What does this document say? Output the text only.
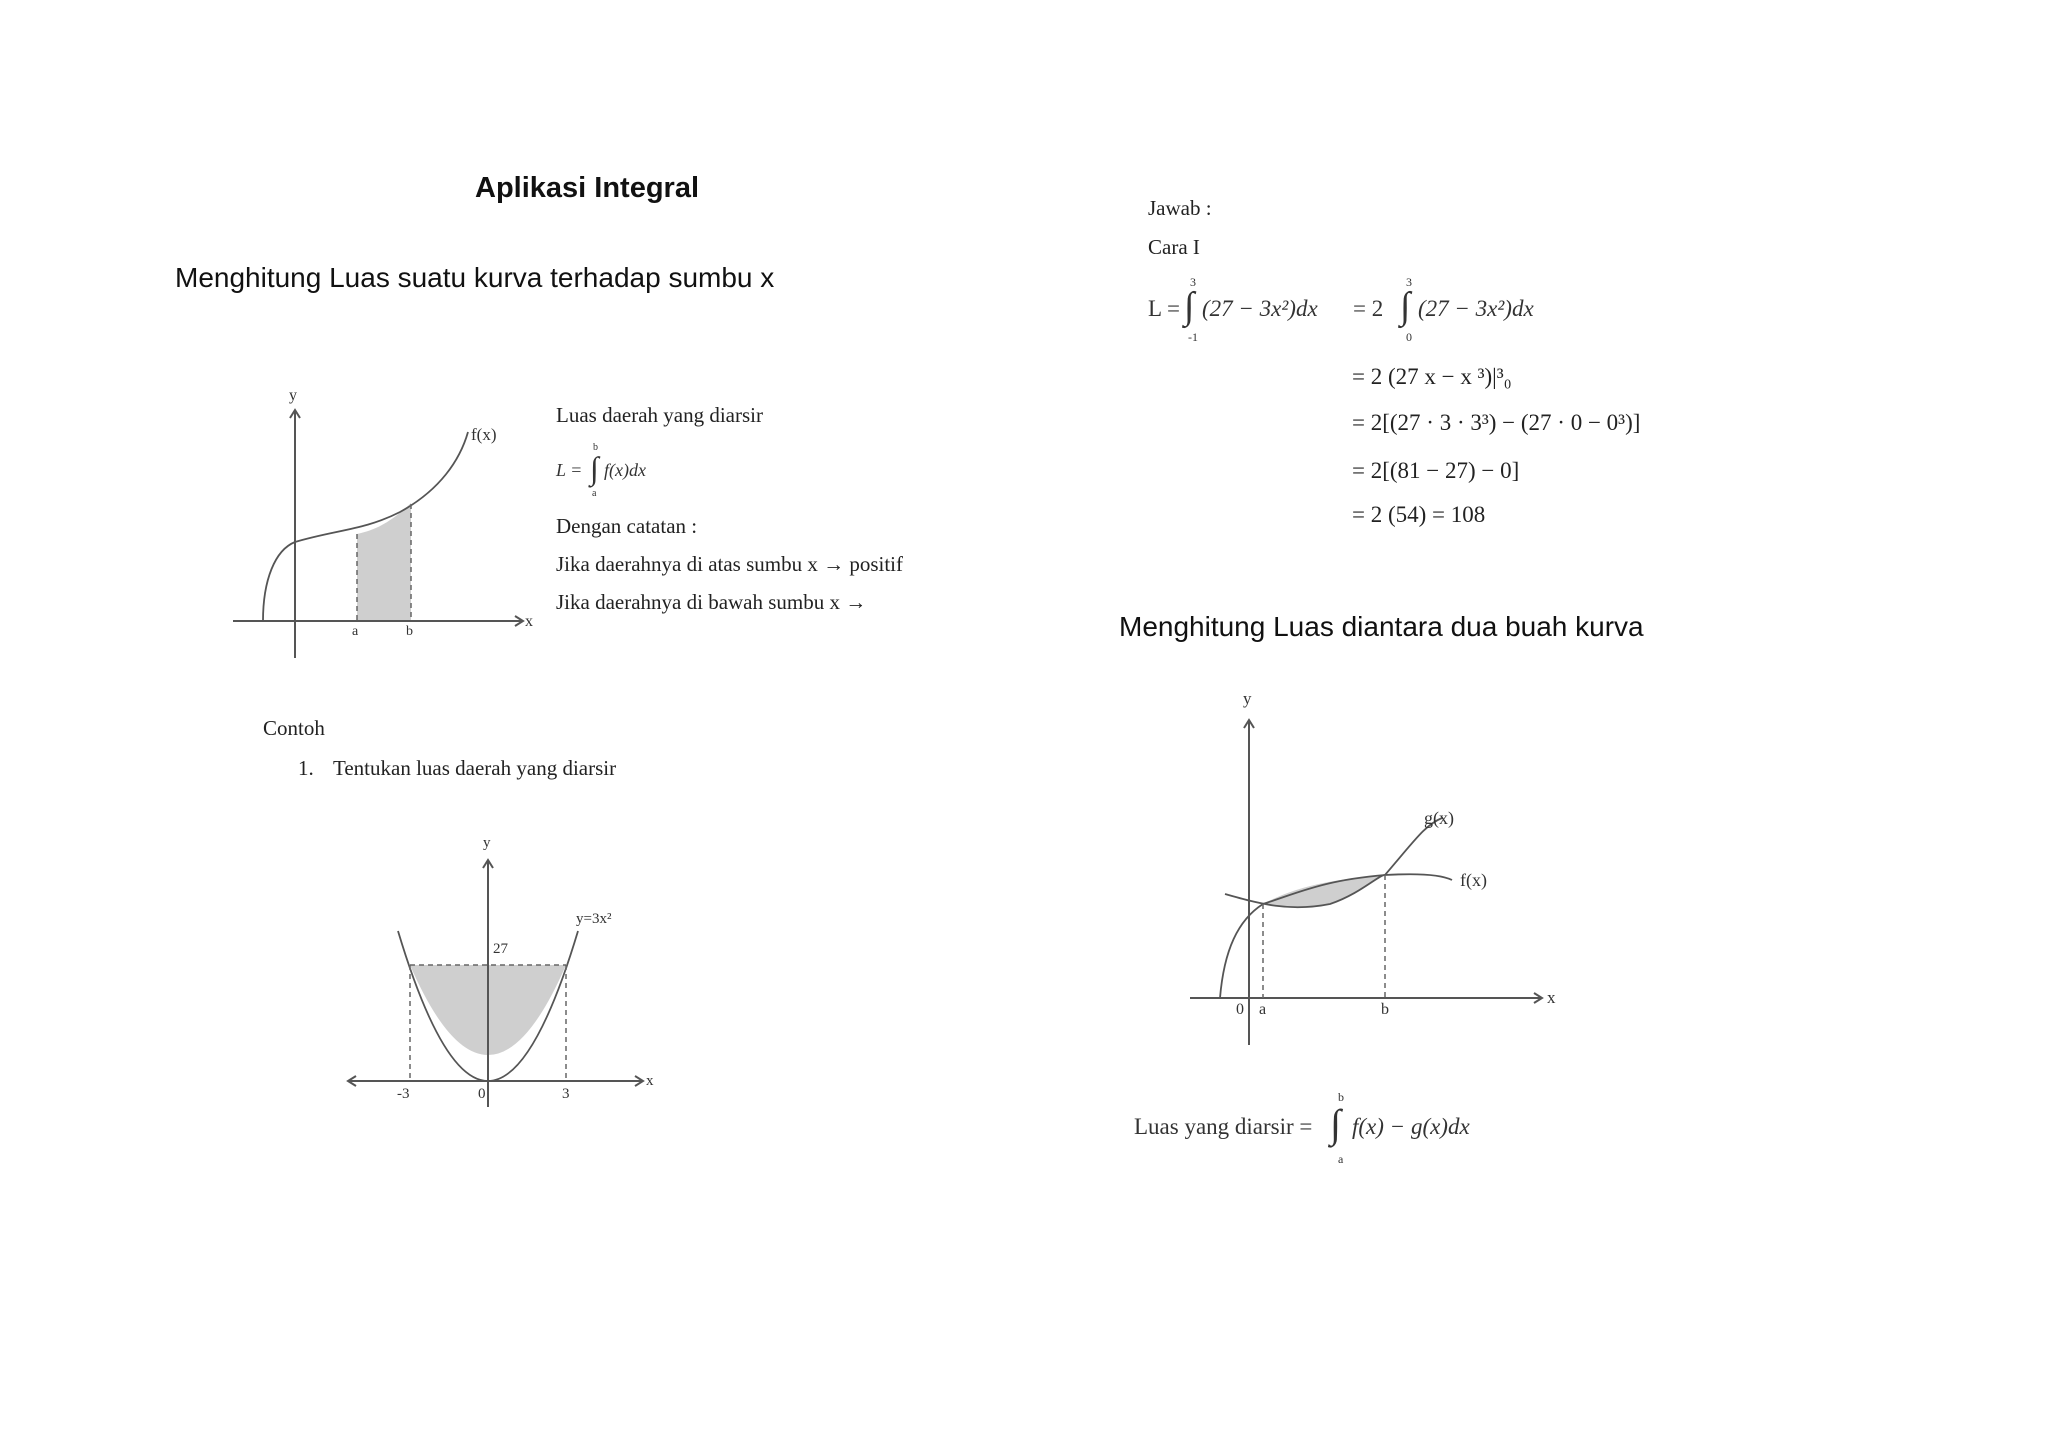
Aplikasi Integral
Menghitung Luas suatu kurva terhadap sumbu x
Menghitung Luas diantara dua buah kurva
y
x
f(x)
a	b
Luas daerah yang diarsir
L = ∫
b
a
f(x)dx
Dengan catatan :
Jika daerahnya di atas sumbu x → positif
Jika daerahnya di bawah sumbu x →
Contoh
1. Tentukan luas daerah yang diarsir
y
x
y=3x²
27
-3	0	3
Jawab :
Cara I
L = ∫
3
-1
(27 − 3x²)dx = 2 ∫
3
0
(27 − 3x²)dx
= 2 (27 x − x ³)|³₀
= 2[(27 · 3 · 3³) − (27 · 0 − 0³)]
= 2[(81 − 27) − 0]
= 2 (54) = 108
y
x
g(x)
f(x)
0 a	b
Luas yang diarsir = ∫
b
a
f(x) − g(x)dx
